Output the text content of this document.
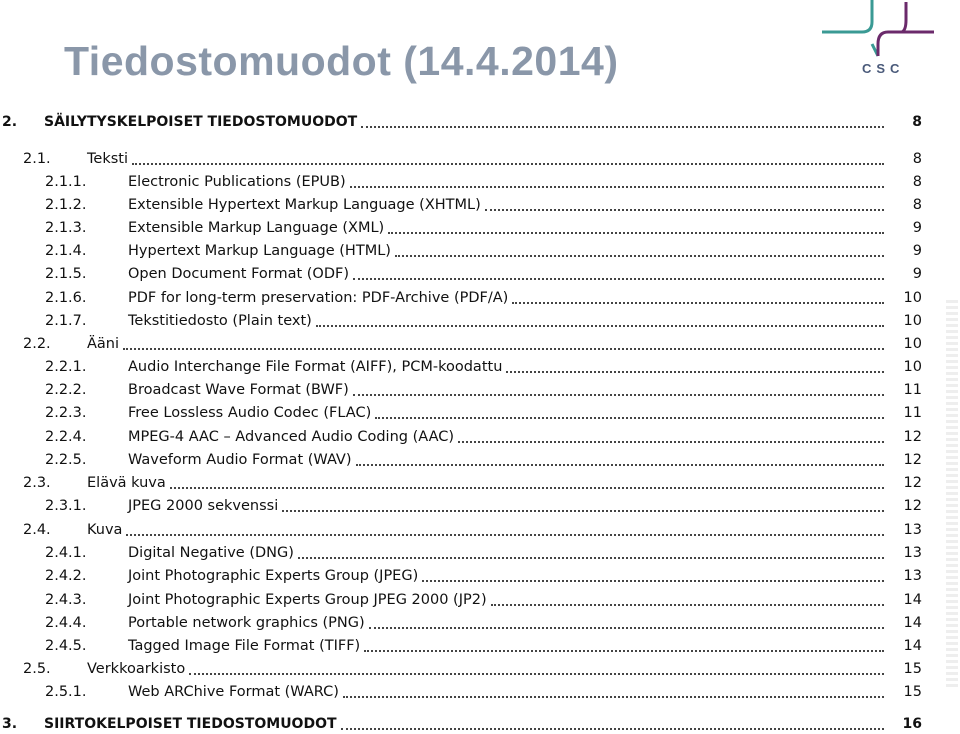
Tiedostomuodot (14.4.2014)	CSC
2. SÄILYTYSKELPOISET TIEDOSTOMUODOT	8
2.1.	Teksti	8
2.1.1.	Electronic Publications (EPUB)	8
2.1.2.	Extensible Hypertext Markup Language (XHTML)	8
2.1.3.	Extensible Markup Language (XML)	9
2.1.4.	Hypertext Markup Language (HTML)	9
2.1.5.	Open Document Format (ODF)	9
2.1.6.	PDF for long-term preservation: PDF-Archive (PDF/A)	10
2.1.7.	Tekstitiedosto (Plain text)	10
2.2.	Ääni	10
2.2.1.	Audio Interchange File Format (AIFF), PCM-koodattu	10
2.2.2.	Broadcast Wave Format (BWF)	11
2.2.3.	Free Lossless Audio Codec (FLAC)	11
2.2.4.	MPEG-4 AAC – Advanced Audio Coding (AAC)	12
2.2.5.	Waveform Audio Format (WAV)	12
2.3.	Elävä kuva	12
2.3.1.	JPEG 2000 sekvenssi	12
2.4.	Kuva	13
2.4.1.	Digital Negative (DNG)	13
2.4.2.	Joint Photographic Experts Group (JPEG)	13
2.4.3.	Joint Photographic Experts Group JPEG 2000 (JP2)	14
2.4.4.	Portable network graphics (PNG)	14
2.4.5.	Tagged Image File Format (TIFF)	14
2.5.	Verkkoarkisto	15
2.5.1.	Web ARChive Format (WARC)	15
3. SIIRTOKELPOISET TIEDOSTOMUODOT	16
